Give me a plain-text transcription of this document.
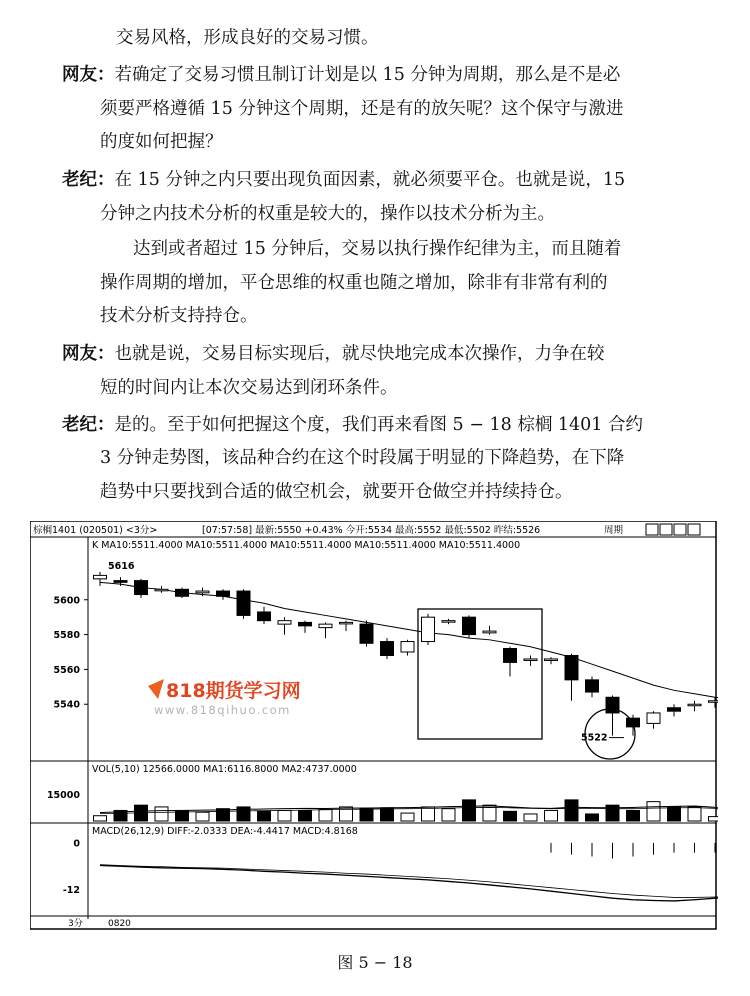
交易风格，形成良好的交易习惯。
网友：若确定了交易习惯且制订计划是以 15 分钟为周期，那么是不是必
须要严格遵循 15 分钟这个周期，还是有的放矢呢？这个保守与激进
的度如何把握？
老纪：在 15 分钟之内只要出现负面因素，就必须要平仓。也就是说，15
分钟之内技术分析的权重是较大的，操作以技术分析为主。
达到或者超过 15 分钟后，交易以执行操作纪律为主，而且随着
操作周期的增加，平仓思维的权重也随之增加，除非有非常有利的
技术分析支持持仓。
网友：也就是说，交易目标实现后，就尽快地完成本次操作，力争在较
短的时间内让本次交易达到闭环条件。
老纪：是的。至于如何把握这个度，我们再来看图 5 − 18 棕榈 1401 合约
3 分钟走势图，该品种合约在这个时段属于明显的下降趋势，在下降
趋势中只要找到合适的做空机会，就要开仓做空并持续持仓。
棕榈1401 (020501) <3分>	[07:57:58] 最新:5550 +0.43% 今开:5534 最高:5552 最低:5502 昨结:5526	周期
K MA10:5511.4000 MA10:5511.4000 MA10:5511.4000 MA10:5511.4000 MA10:5511.4000
VOL(5,10) 12566.0000 MA1:6116.8000 MA2:4737.0000
MACD(26,12,9) DIFF:-2.0333 DEA:-4.4417 MACD:4.8168
3分	0820
5600
5580
5560
5540
5616
5522
15000
0
-12
818期货学习网
www.818qihuo.com
图 5 − 18
